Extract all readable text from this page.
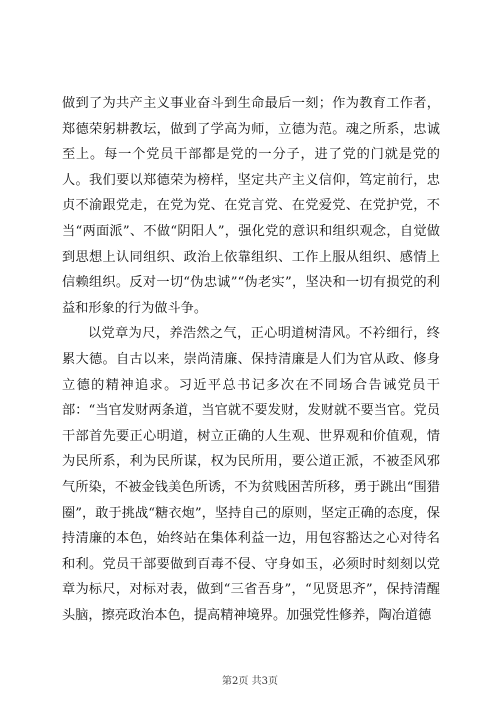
做到了为共产主义事业奋斗到生命最后一刻；作为教育工作者，郑德荣躬耕教坛，做到了学高为师，立德为范。魂之所系，忠诚至上。每一个党员干部都是党的一分子，进了党的门就是党的人。我们要以郑德荣为榜样，坚定共产主义信仰，笃定前行，忠贞不渝跟党走，在党为党、在党言党、在党爱党、在党护党，不当“两面派”、不做“阴阳人”，强化党的意识和组织观念，自觉做到思想上认同组织、政治上依靠组织、工作上服从组织、感情上信赖组织。反对一切“伪忠诚”“伪老实”，坚决和一切有损党的利益和形象的行为做斗争。

以党章为尺，养浩然之气，正心明道树清风。不衿细行，终累大德。自古以来，崇尚清廉、保持清廉是人们为官从政、修身立德的精神追求。习近平总书记多次在不同场合告诫党员干部：“当官发财两条道，当官就不要发财，发财就不要当官。党员干部首先要正心明道，树立正确的人生观、世界观和价值观，情为民所系，利为民所谋，权为民所用，要公道正派，不被歪风邪气所染，不被金钱美色所诱，不为贫贱困苦所移，勇于跳出“围猎圈”，敢于挑战“糖衣炮”，坚持自己的原则，坚定正确的态度，保持清廉的本色，始终站在集体利益一边，用包容豁达之心对待名和利。党员干部要做到百毒不侵、守身如玉，必须时时刻刻以党章为标尺，对标对表，做到“三省吾身”，“见贤思齐”，保持清醒头脑，擦亮政治本色，提高精神境界。加强党性修养，陶冶道德

第2页 共3页
